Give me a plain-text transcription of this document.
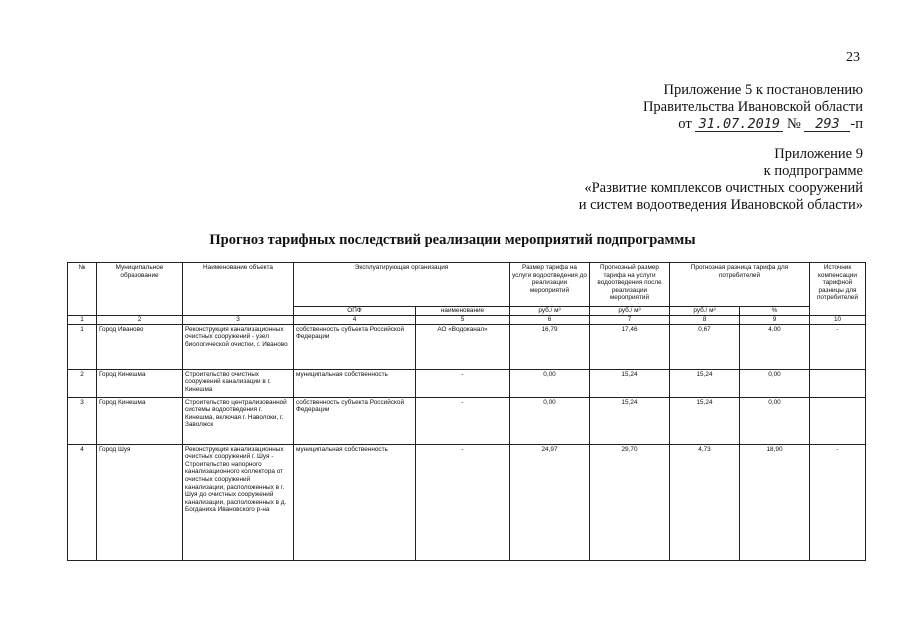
23
Приложение 5 к постановлению
Правительства Ивановской области
от 31.07.2019 № 293 -п
Приложение 9
к подпрограмме
«Развитие комплексов очистных сооружений
и систем водоотведения Ивановской области»
Прогноз тарифных последствий реализации мероприятий подпрограммы
№	Муниципальное образование	Наименование объекта	Эксплуатирующая организация		Размер тарифа на услуги водоотведения до реализации мероприятий	Прогнозный размер тарифа на услуги водоотведения после реализации мероприятий	Прогнозная разница тарифа для потребителей		Источник компенсации тарифной разницы для потребителей
			ОПФ	наименование	руб./ м³	руб./ м³	руб./ м³	%	
1	2	3	4	5	6	7	8	9	10
1	Город Иваново	Реконструкция канализационных очистных сооружений - узел биологической очистки, г. Иваново	собственность субъекта Российской Федерации	АО «Водоканал»	16,79	17,46	0,67	4,00	-
2	Город Кинешма	Строительство очистных сооружений канализации в г. Кинешма	муниципальная собственность	-	0,00	15,24	15,24	0,00	
3	Город Кинешма	Строительство централизованной системы водоотведения г. Кинешма, включая г. Наволоки, г. Заволжск	собственность субъекта Российской Федерации	-	0,00	15,24	15,24	0,00	
4	Город Шуя	Реконструкция канализационных очистных сооружений г. Шуя - Строительство напорного канализационного коллектора от очистных сооружений канализации, расположенных в г. Шуя до очистных сооружений канализации, расположенных в д. Богданиха Ивановского р-на	муниципальная собственность	-	24,97	29,70	4,73	18,90	-
